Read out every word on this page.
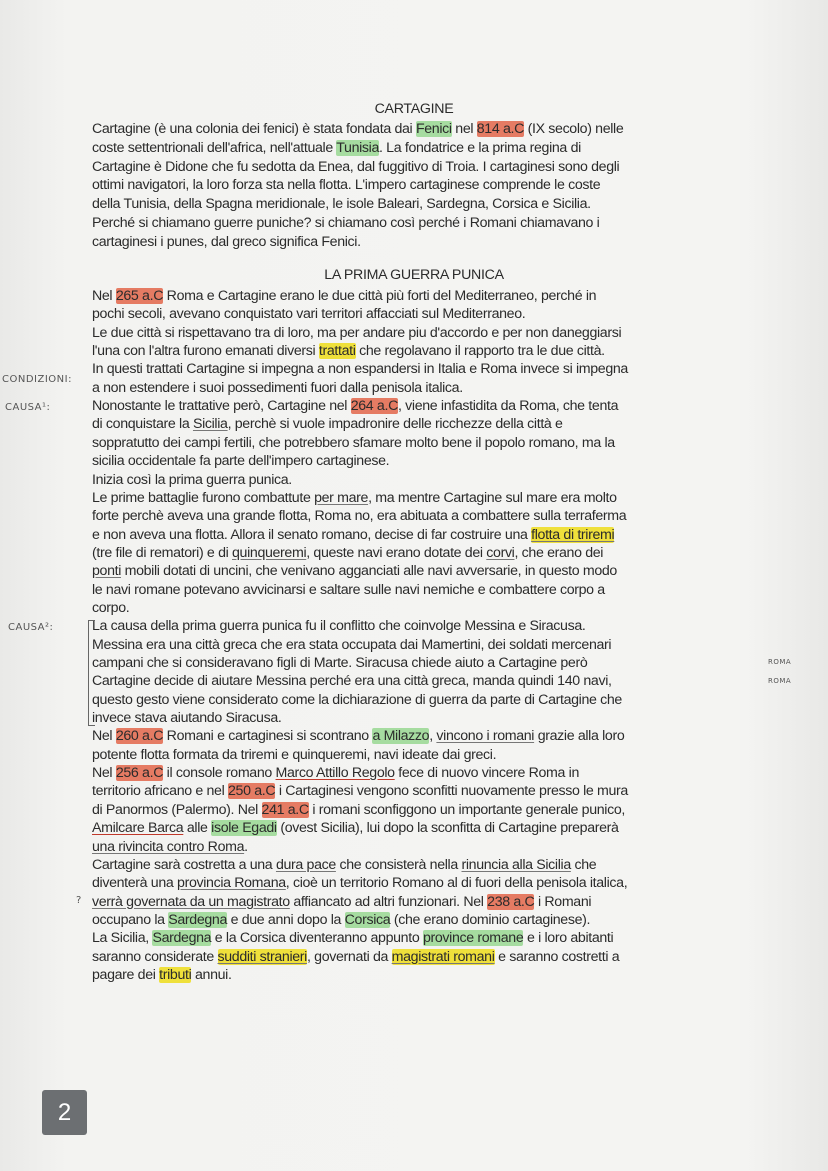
CARTAGINE
Cartagine (è una colonia dei fenici) è stata fondata dai Fenici nel 814 a.C (IX secolo) nelle
coste settentrionali dell'africa, nell'attuale Tunisia. La fondatrice e la prima regina di
Cartagine è Didone che fu sedotta da Enea, dal fuggitivo di Troia. I cartaginesi sono degli
ottimi navigatori, la loro forza sta nella flotta. L'impero cartaginese comprende le coste
della Tunisia, della Spagna meridionale, le isole Baleari, Sardegna, Corsica e Sicilia.
Perché si chiamano guerre puniche? si chiamano così perché i Romani chiamavano i
cartaginesi i punes, dal greco significa Fenici.
LA PRIMA GUERRA PUNICA
Nel 265 a.C Roma e Cartagine erano le due città più forti del Mediterraneo, perché in
pochi secoli, avevano conquistato vari territori affacciati sul Mediterraneo.
Le due città si rispettavano tra di loro, ma per andare piu d'accordo e per non daneggiarsi
l'una con l'altra furono emanati diversi trattati che regolavano il rapporto tra le due città.
In questi trattati Cartagine si impegna a non espandersi in Italia e Roma invece si impegna
a non estendere i suoi possedimenti fuori dalla penisola italica.
Nonostante le trattative però, Cartagine nel 264 a.C, viene infastidita da Roma, che tenta
di conquistare la Sicilia, perchè si vuole impadronire delle ricchezze della città e
soppratutto dei campi fertili, che potrebbero sfamare molto bene il popolo romano, ma la
sicilia occidentale fa parte dell'impero cartaginese.
Inizia così la prima guerra punica.
Le prime battaglie furono combattute per mare, ma mentre Cartagine sul mare era molto
forte perchè aveva una grande flotta, Roma no, era abituata a combattere sulla terraferma
e non aveva una flotta. Allora il senato romano, decise di far costruire una flotta di triremi
(tre file di rematori) e di quinqueremi, queste navi erano dotate dei corvi, che erano dei
ponti mobili dotati di uncini, che venivano agganciati alle navi avversarie, in questo modo
le navi romane potevano avvicinarsi e saltare sulle navi nemiche e combattere corpo a
corpo.
La causa della prima guerra punica fu il conflitto che coinvolge Messina e Siracusa.
Messina era una città greca che era stata occupata dai Mamertini, dei soldati mercenari
campani che si consideravano figli di Marte. Siracusa chiede aiuto a Cartagine però
Cartagine decide di aiutare Messina perché era una città greca, manda quindi 140 navi,
questo gesto viene considerato come la dichiarazione di guerra da parte di Cartagine che
invece stava aiutando Siracusa.
Nel 260 a.C Romani e cartaginesi si scontrano a Milazzo, vincono i romani grazie alla loro
potente flotta formata da triremi e quinqueremi, navi ideate dai greci.
Nel 256 a.C il console romano Marco Attillo Regolo fece di nuovo vincere Roma in
territorio africano e nel 250 a.C i Cartaginesi vengono sconfitti nuovamente presso le mura
di Panormos (Palermo). Nel 241 a.C i romani sconfiggono un importante generale punico,
Amilcare Barca alle isole Egadi (ovest Sicilia), lui dopo la sconfitta di Cartagine preparerà
una rivincita contro Roma.
Cartagine sarà costretta a una dura pace che consisterà nella rinuncia alla Sicilia che
diventerà una provincia Romana, cioè un territorio Romano al di fuori della penisola italica,
verrà governata da un magistrato affiancato ad altri funzionari. Nel 238 a.C i Romani
occupano la Sardegna e due anni dopo la Corsica (che erano dominio cartaginese).
La Sicilia, Sardegna e la Corsica diventeranno appunto province romane e i loro abitanti
saranno considerate sudditi stranieri, governati da magistrati romani e saranno costretti a
pagare dei tributi annui.
CONDIZIONI:
CAUSA¹:
CAUSA²:
ROMA
ROMA
?
2
